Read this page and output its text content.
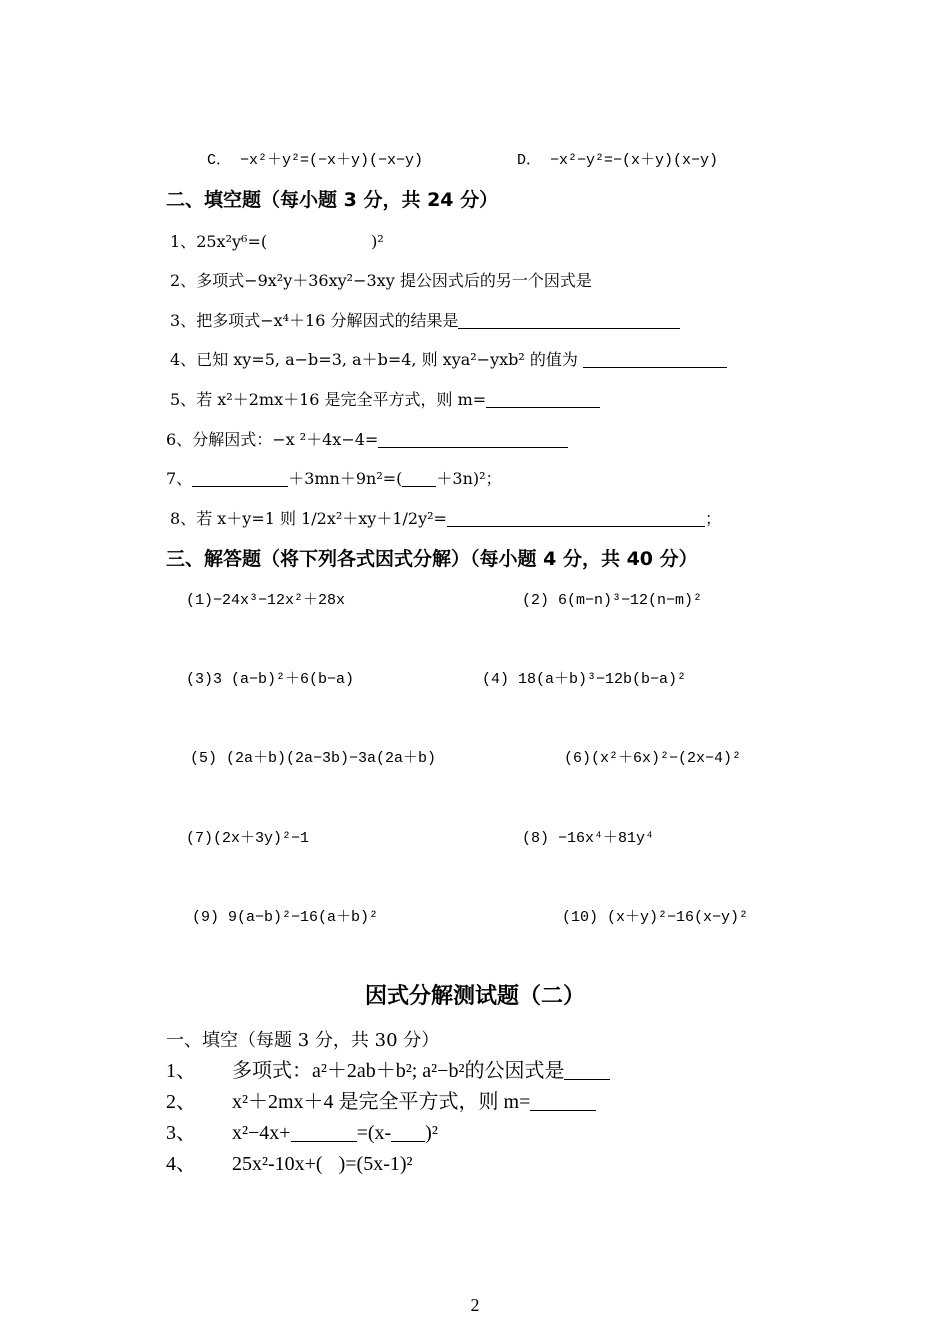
C． −x²＋y²=(−x＋y)(−x−y)	D． −x²−y²=−(x＋y)(x−y)
二、填空题（每小题 3 分，共 24 分）
1、25x²y⁶=(	)²
2、多项式−9x²y＋36xy²−3xy 提公因式后的另一个因式是
3、把多项式−x⁴＋16 分解因式的结果是
4、已知 xy=5, a−b=3, a＋b=4, 则 xya²−yxb² 的值为
5、若 x²＋2mx＋16 是完全平方式，则 m=
6、分解因式：−x ²＋4x−4=
7、	＋3mn＋9n²=( ＋3n)²；
8、若 x＋y=1 则 1/2x²＋xy＋1/2y²=	；
三、解答题（将下列各式因式分解）（每小题 4 分，共 40 分）
(1)−24x³−12x²＋28x	(2) 6(m−n)³−12(n−m)²
(3)3 (a−b)²＋6(b−a)	(4) 18(a＋b)³−12b(b−a)²
(5) (2a＋b)(2a−3b)−3a(2a＋b)	(6)(x²＋6x)²−(2x−4)²
(7)(2x＋3y)²−1	(8) −16x⁴＋81y⁴
(9) 9(a−b)²−16(a＋b)²	(10) (x＋y)²−16(x−y)²
因式分解测试题（二）
一、填空（每题 3 分，共 30 分）
1、 多项式：a²＋2ab＋b²; a²−b²的公因式是
2、 x²＋2mx＋4 是完全平方式，则 m=
3、 x²−4x+	=(x- )²
4、 25x²-10x+( )=(5x-1)²
2
